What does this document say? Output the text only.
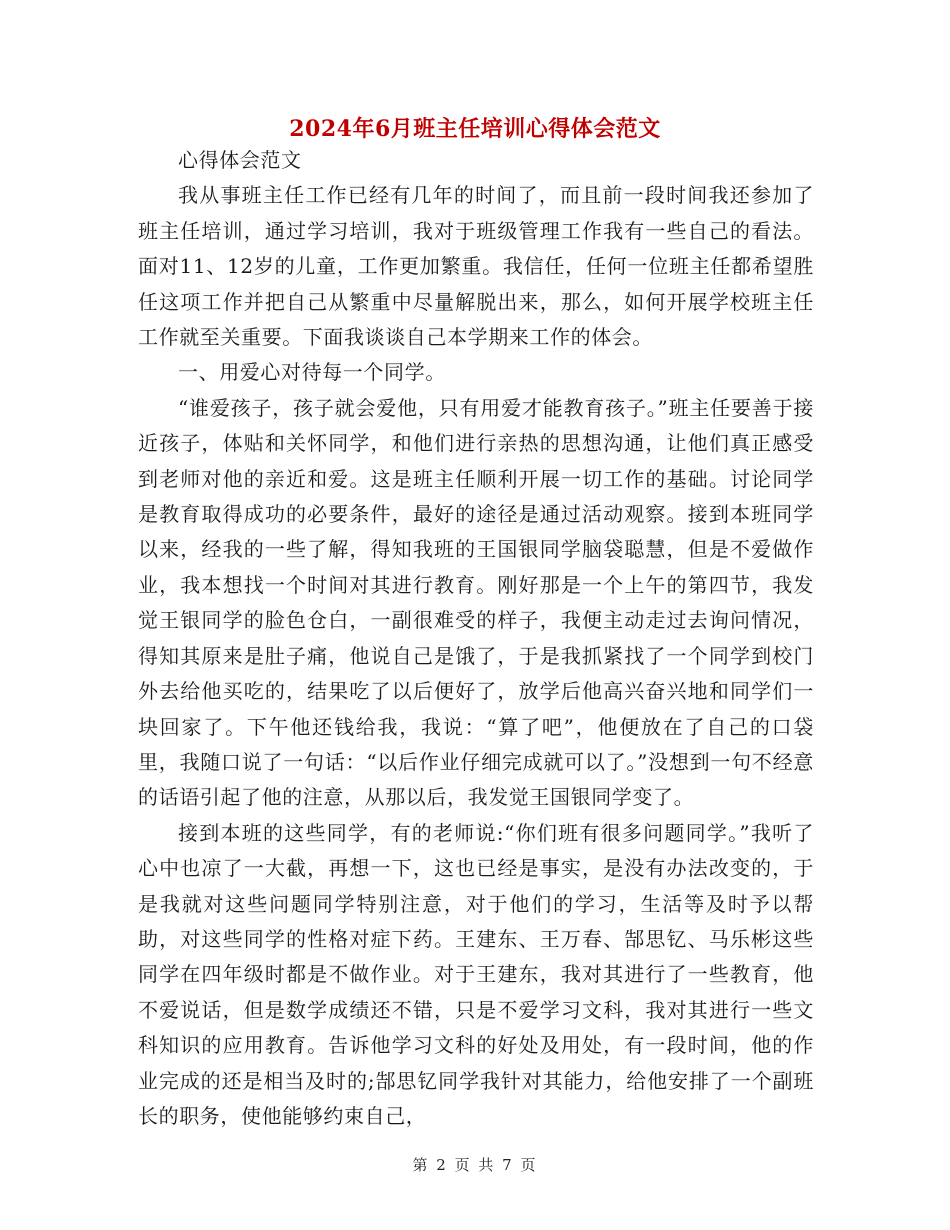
2024年6月班主任培训心得体会范文

心得体会范文

我从事班主任工作已经有几年的时间了，而且前一段时间我还参加了班主任培训，通过学习培训，我对于班级管理工作我有一些自己的看法。面对11、12岁的儿童，工作更加繁重。我信任，任何一位班主任都希望胜任这项工作并把自己从繁重中尽量解脱出来，那么，如何开展学校班主任工作就至关重要。下面我谈谈自己本学期来工作的体会。

一、用爱心对待每一个同学。

“谁爱孩子，孩子就会爱他，只有用爱才能教育孩子。”班主任要善于接近孩子，体贴和关怀同学，和他们进行亲热的思想沟通，让他们真正感受到老师对他的亲近和爱。这是班主任顺利开展一切工作的基础。讨论同学是教育取得成功的必要条件，最好的途径是通过活动观察。接到本班同学以来，经我的一些了解，得知我班的王国银同学脑袋聪慧，但是不爱做作业，我本想找一个时间对其进行教育。刚好那是一个上午的第四节，我发觉王银同学的脸色仓白，一副很难受的样子，我便主动走过去询问情况，得知其原来是肚子痛，他说自己是饿了，于是我抓紧找了一个同学到校门外去给他买吃的，结果吃了以后便好了，放学后他高兴奋兴地和同学们一块回家了。下午他还钱给我，我说：“算了吧”，他便放在了自己的口袋里，我随口说了一句话：“以后作业仔细完成就可以了。”没想到一句不经意的话语引起了他的注意，从那以后，我发觉王国银同学变了。

接到本班的这些同学，有的老师说:“你们班有很多问题同学。”我听了心中也凉了一大截，再想一下，这也已经是事实，是没有办法改变的，于是我就对这些问题同学特别注意，对于他们的学习，生活等及时予以帮助，对这些同学的性格对症下药。王建东、王万春、郜思钇、马乐彬这些同学在四年级时都是不做作业。对于王建东，我对其进行了一些教育，他不爱说话，但是数学成绩还不错，只是不爱学习文科，我对其进行一些文科知识的应用教育。告诉他学习文科的好处及用处，有一段时间，他的作业完成的还是相当及时的;郜思钇同学我针对其能力，给他安排了一个副班长的职务，使他能够约束自己，

第 2 页 共 7 页
